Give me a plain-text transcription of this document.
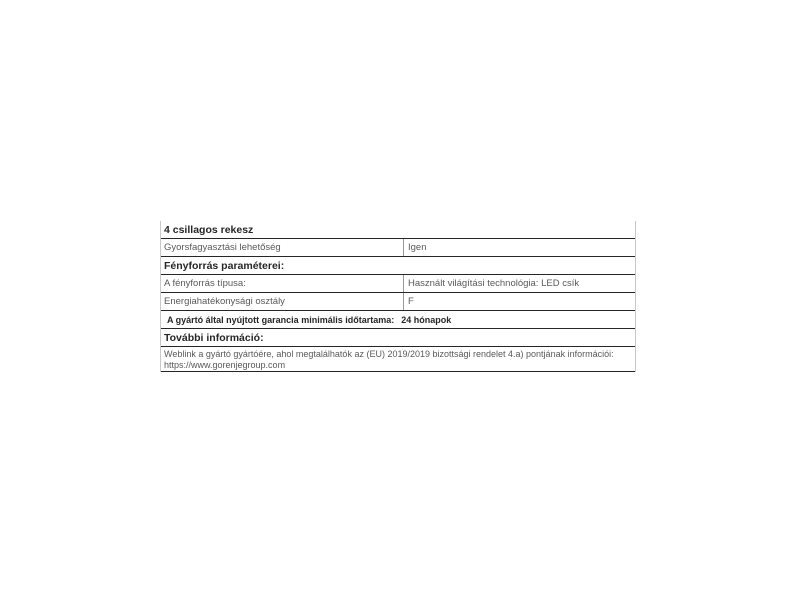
4 csillagos rekesz
Gyorsfagyasztási lehetőség	Igen
Fényforrás paraméterei:
A fényforrás típusa:	Használt világítási technológia: LED csík
Energiahatékonysági osztály	F
A gyártó által nyújtott garancia minimális időtartama: 24 hónapok
További információ:
Weblink a gyártó gyártóére, ahol megtalálhatók az (EU) 2019/2019 bizottsági rendelet 4.a) pontjának információi:
https://www.gorenjegroup.com
